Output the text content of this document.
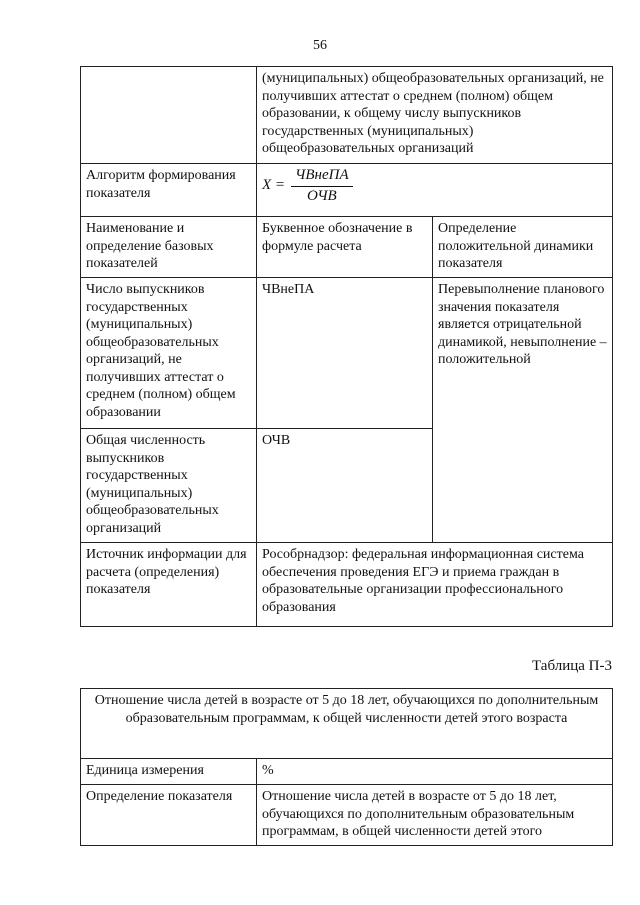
56
	(муниципальных) общеобразовательных организаций, не получивших аттестат о среднем (полном) общем образовании, к общему числу выпускников государственных (муниципальных) общеобразовательных организаций	
Алгоритм формирования показателя	$X = \frac{\text{ЧВнеПА}}{\text{ОЧВ}}$

Наименование и определение базовых показателей	Буквенное обозначение в формуле расчета	Определение положительной динамики показателя
Число выпускников государственных (муниципальных) общеобразовательных организаций, не получивших аттестат о среднем (полном) общем образовании	ЧВнеПА	Перевыполнение планового значения показателя является отрицательной динамикой, невыполнение – положительной
Общая численность выпускников государственных (муниципальных) общеобразовательных организаций	ОЧВ	
Источник информации для расчета (определения) показателя	Рособрнадзор: федеральная информационная система обеспечения проведения ЕГЭ и приема граждан в образовательные организации профессионального образования	
Таблица П-3
Отношение числа детей в возрасте от 5 до 18 лет, обучающихся по дополнительным образовательным программам, к общей численности детей этого возраста	
Единица измерения	%
Определение показателя	Отношение числа детей в возрасте от 5 до 18 лет, обучающихся по дополнительным образовательным программам, в общей численности детей этого
